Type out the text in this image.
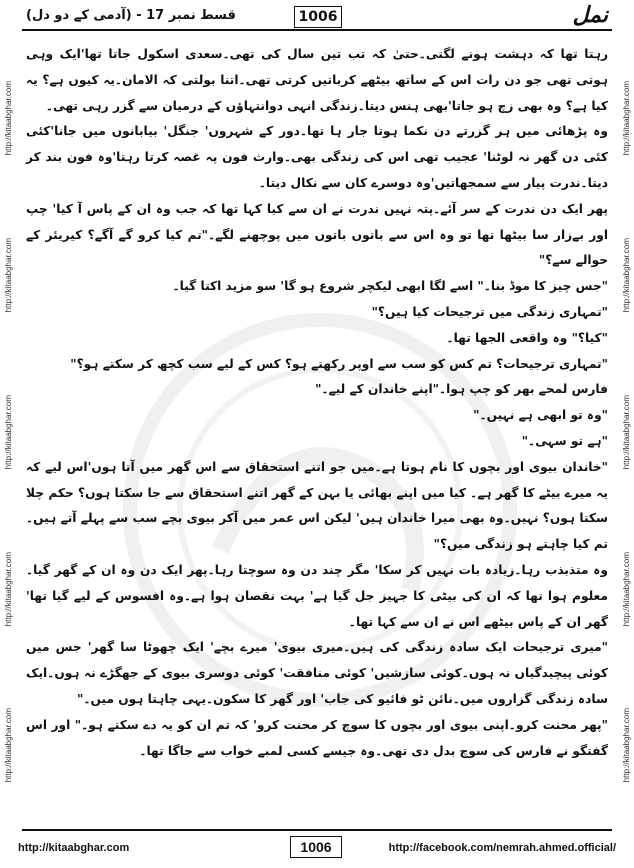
نمل
1006
قسط نمبر 17 - (آدمی کے دو دل)
http://kitaabghar.com
http://kitaabghar.com
http://kitaabghar.com
http://kitaabghar.com
http://kitaabghar.com
http://kitaabghar.com
http://kitaabghar.com
http://kitaabghar.com
http://kitaabghar.com
http://kitaabghar.com

رہتا تھا کہ دہشت ہونے لگتی۔حتیٰ کہ تب تین سال کی تھی۔سعدی اسکول جاتا تھا'ایک وہی ہوتی تھی جو دن رات اس کے ساتھ بیٹھے کرباتیں کرتی تھی۔اتنا بولتی کہ الامان۔یہ کیوں ہے؟ یہ کیا ہے؟ وہ بھی زچ ہو جاتا'بھی ہنس دیتا۔زندگی انہی دوانتہاؤں کے درمیان سے گزر رہی تھی۔

وہ پڑھائی میں ہر گزرتے دن نکما ہوتا جار ہا تھا۔دور کے شہروں' جنگل' بیابانوں میں جانا'کئی کئی دن گھر نہ لوٹنا' عجیب تھی اس کی زندگی بھی۔وارث فون پہ غصہ کرتا رہتا'وہ فون بند کر دیتا۔ندرت پیار سے سمجھاتیں'وہ دوسرے کان سے نکال دیتا۔

پھر ایک دن ندرت کے سر آئے۔پتہ نہیں ندرت نے ان سے کیا کہا تھا کہ جب وہ ان کے پاس آ کیا' چپ اور بےزار سا بیٹھا تھا تو وہ اس سے باتوں باتوں میں پوچھنے لگے۔"تم کیا کرو گے آگے؟ کیریئر کے حوالے سے؟"

"جس چیز کا موڈ بنا۔" اسے لگا ابھی لیکچر شروع ہو گا' سو مزید اکتا گیا۔

"تمہاری زندگی میں ترجیحات کیا ہیں؟"

"کیا؟" وہ واقعی الجھا تھا۔

"تمہاری ترجیحات؟ تم کس کو سب سے اوپر رکھتے ہو؟ کس کے لیے سب کچھ کر سکتے ہو؟"

فارس لمحے بھر کو چپ ہوا۔"اپنے خاندان کے لیے۔"

"وہ تو ابھی ہے نہیں۔"

"ہے تو سہی۔"

"خاندان بیوی اور بچوں کا نام ہوتا ہے۔میں جو اتنے استحقاق سے اس گھر میں آتا ہوں'اس لیے کہ یہ میرے بیٹے کا گھر ہے۔ کیا میں اپنے بھائی یا بہن کے گھر اتنے استحقاق سے جا سکتا ہوں؟ حکم چلا سکتا ہوں؟ نہیں۔وہ بھی میرا خاندان ہیں' لیکن اس عمر میں آکر بیوی بچے سب سے پہلے آتے ہیں۔تم کیا چاہتے ہو زندگی میں؟"

وہ متذبذب رہا۔زیادہ بات نہیں کر سکا' مگر چند دن وہ سوچتا رہا۔پھر ایک دن وہ ان کے گھر گیا۔معلوم ہوا تھا کہ ان کی بیٹی کا جہیز جل گیا ہے' بہت نقصان ہوا ہے۔وہ افسوس کے لیے گیا تھا' گھر ان کے پاس بیٹھے اس نے ان سے کہا تھا۔

"میری ترجیحات ایک سادہ زندگی کی ہیں۔میری بیوی' میرے بچے' ایک چھوٹا سا گھر' جس میں کوئی پیچیدگیاں نہ ہوں۔کوئی سازشیں' کوئی منافقت' کوئی دوسری بیوی کے جھگڑے نہ ہوں۔ایک سادہ زندگی گزاروں میں۔نائن ٹو فائیو کی جاب' اور گھر کا سکون۔یہی چاہتا ہوں میں۔"

"پھر محنت کرو۔اپنی بیوی اور بچوں کا سوچ کر محنت کرو' کہ تم ان کو یہ دے سکتے ہو۔" اور اس گفتگو نے فارس کی سوچ بدل دی تھی۔وہ جیسے کسی لمبے خواب سے جاگا تھا۔

http://kitaabghar.com	1006	http://facebook.com/nemrah.ahmed.official/
